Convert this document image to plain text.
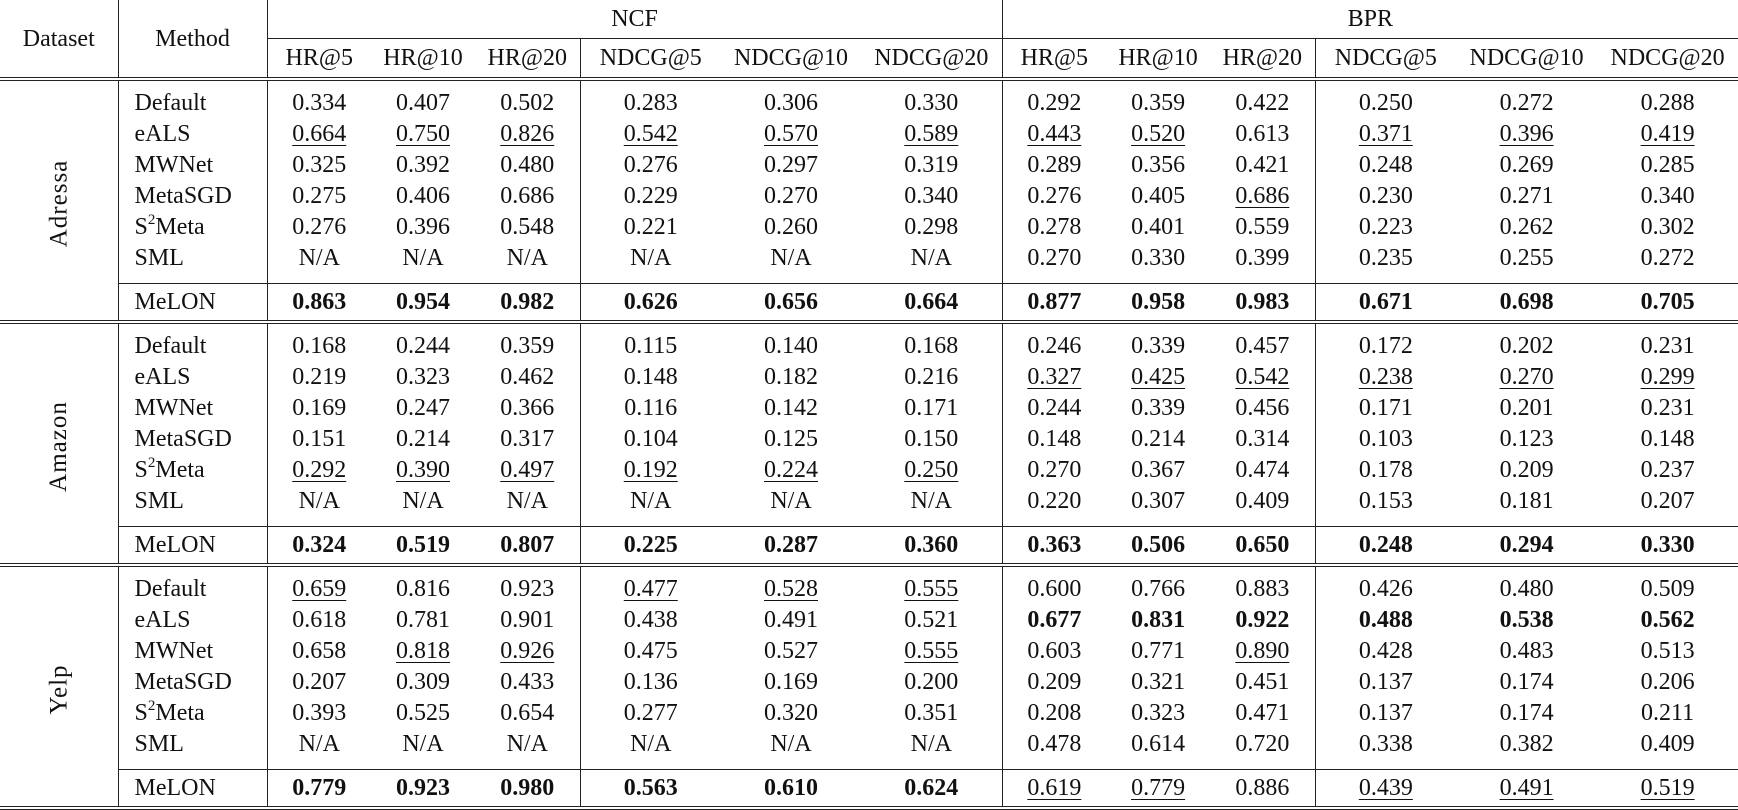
Dataset	Method	NCF						BPR					
		HR@5	HR@10	HR@20	NDCG@5	NDCG@10	NDCG@20	HR@5	HR@10	HR@20	NDCG@5	NDCG@10	NDCG@20
Adressa	Default	0.334	0.407	0.502	0.283	0.306	0.330	0.292	0.359	0.422	0.250	0.272	0.288
	eALS	0.664	0.750	0.826	0.542	0.570	0.589	0.443	0.520	0.613	0.371	0.396	0.419
	MWNet	0.325	0.392	0.480	0.276	0.297	0.319	0.289	0.356	0.421	0.248	0.269	0.285
	MetaSGD	0.275	0.406	0.686	0.229	0.270	0.340	0.276	0.405	0.686	0.230	0.271	0.340
	$S^2Meta$	0.276	0.396	0.548	0.221	0.260	0.298	0.278	0.401	0.559	0.223	0.262	0.302
	SML	N/A	N/A	N/A	N/A	N/A	N/A	0.270	0.330	0.399	0.235	0.255	0.272
	MeLON	0.863	0.954	0.982	0.626	0.656	0.664	0.877	0.958	0.983	0.671	0.698	0.705
Amazon	Default	0.168	0.244	0.359	0.115	0.140	0.168	0.246	0.339	0.457	0.172	0.202	0.231
	eALS	0.219	0.323	0.462	0.148	0.182	0.216	0.327	0.425	0.542	0.238	0.270	0.299
	MWNet	0.169	0.247	0.366	0.116	0.142	0.171	0.244	0.339	0.456	0.171	0.201	0.231
	MetaSGD	0.151	0.214	0.317	0.104	0.125	0.150	0.148	0.214	0.314	0.103	0.123	0.148
	$S^2Meta$	0.292	0.390	0.497	0.192	0.224	0.250	0.270	0.367	0.474	0.178	0.209	0.237
	SML	N/A	N/A	N/A	N/A	N/A	N/A	0.220	0.307	0.409	0.153	0.181	0.207
	MeLON	0.324	0.519	0.807	0.225	0.287	0.360	0.363	0.506	0.650	0.248	0.294	0.330
Yelp	Default	0.659	0.816	0.923	0.477	0.528	0.555	0.600	0.766	0.883	0.426	0.480	0.509
	eALS	0.618	0.781	0.901	0.438	0.491	0.521	0.677	0.831	0.922	0.488	0.538	0.562
	MWNet	0.658	0.818	0.926	0.475	0.527	0.555	0.603	0.771	0.890	0.428	0.483	0.513
	MetaSGD	0.207	0.309	0.433	0.136	0.169	0.200	0.209	0.321	0.451	0.137	0.174	0.206
	$S^2Meta$	0.393	0.525	0.654	0.277	0.320	0.351	0.208	0.323	0.471	0.137	0.174	0.211
	SML	N/A	N/A	N/A	N/A	N/A	N/A	0.478	0.614	0.720	0.338	0.382	0.409
	MeLON	0.779	0.923	0.980	0.563	0.610	0.624	0.619	0.779	0.886	0.439	0.491	0.519
